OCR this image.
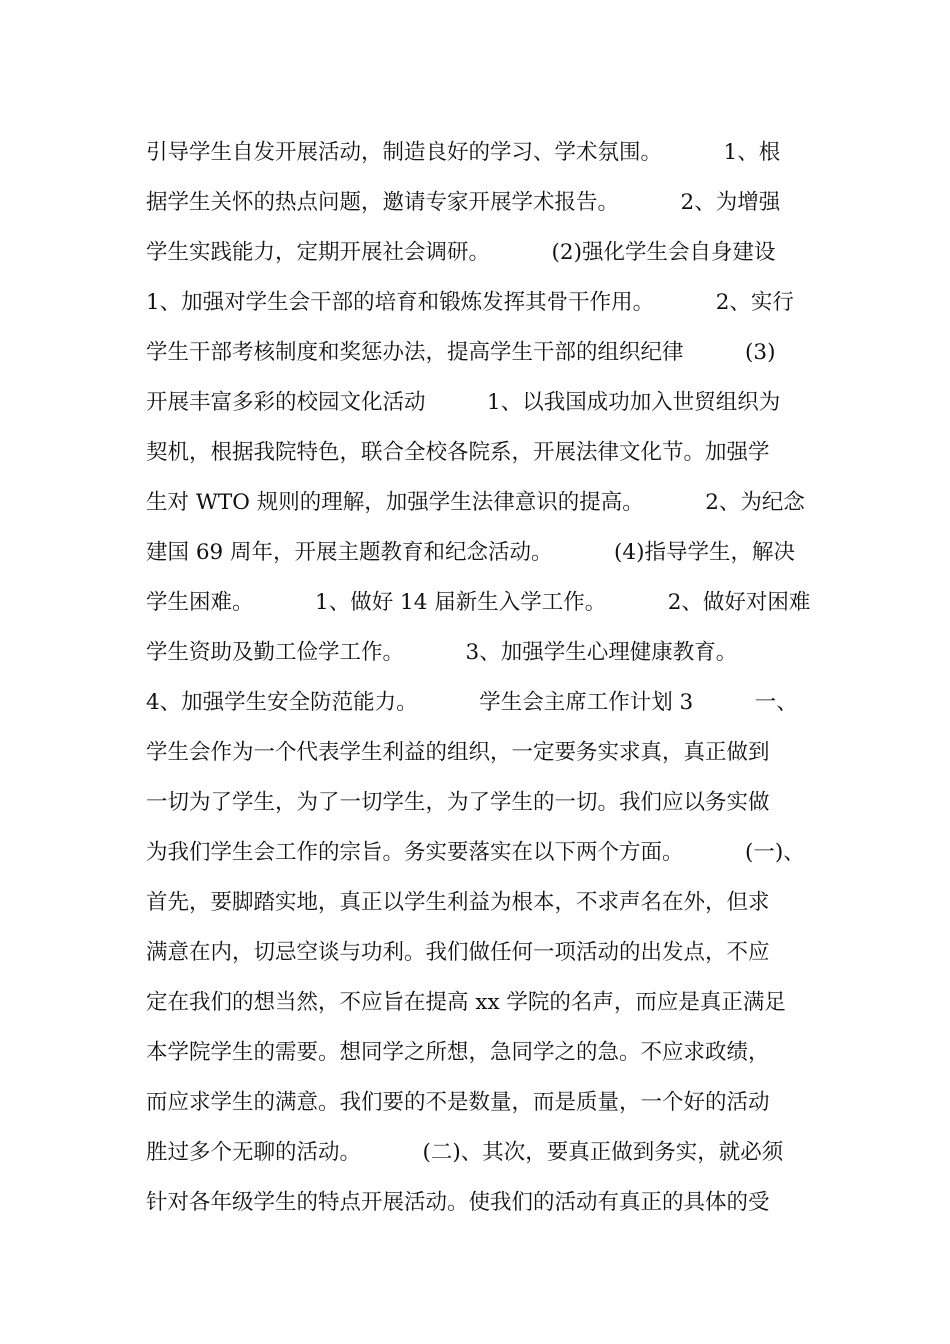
引导学生自发开展活动，制造良好的学习、学术氛围。         1、根
据学生关怀的热点问题，邀请专家开展学术报告。         2、为增强
学生实践能力，定期开展社会调研。         (2)强化学生会自身建设
1、加强对学生会干部的培育和锻炼发挥其骨干作用。         2、实行
学生干部考核制度和奖惩办法，提高学生干部的组织纪律         (3)
开展丰富多彩的校园文化活动         1、以我国成功加入世贸组织为
契机，根据我院特色，联合全校各院系，开展法律文化节。加强学
生对 WTO 规则的理解，加强学生法律意识的提高。         2、为纪念
建国 69 周年，开展主题教育和纪念活动。         (4)指导学生，解决
学生困难。         1、做好 14 届新生入学工作。         2、做好对困难
学生资助及勤工俭学工作。         3、加强学生心理健康教育。
4、加强学生安全防范能力。         学生会主席工作计划 3         一、
学生会作为一个代表学生利益的组织，一定要务实求真，真正做到
一切为了学生，为了一切学生，为了学生的一切。我们应以务实做
为我们学生会工作的宗旨。务实要落实在以下两个方面。         (一)、
首先，要脚踏实地，真正以学生利益为根本，不求声名在外，但求
满意在内，切忌空谈与功利。我们做任何一项活动的出发点，不应
定在我们的想当然，不应旨在提高 xx 学院的名声，而应是真正满足
本学院学生的需要。想同学之所想，急同学之的急。不应求政绩，
而应求学生的满意。我们要的不是数量，而是质量，一个好的活动
胜过多个无聊的活动。         (二)、其次，要真正做到务实，就必须
针对各年级学生的特点开展活动。使我们的活动有真正的具体的受
